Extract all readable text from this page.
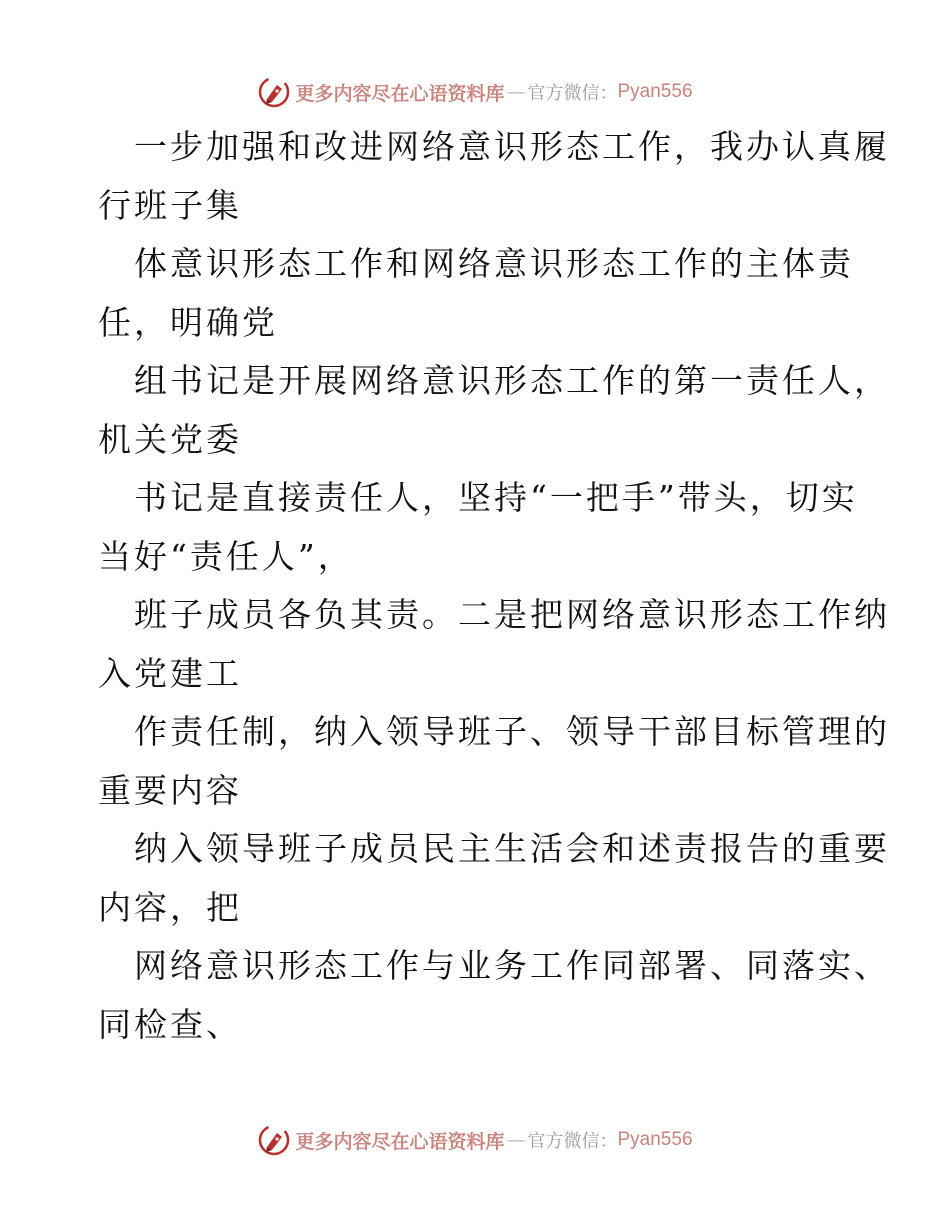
更多内容尽在心语资料库 — 官方微信： Pyan556
一步加强和改进网络意识形态工作，我办认真履
行班子集
体意识形态工作和网络意识形态工作的主体责
任，明确党
组书记是开展网络意识形态工作的第一责任人，
机关党委
书记是直接责任人，坚持“一把手”带头，切实
当好“责任人”，
班子成员各负其责。二是把网络意识形态工作纳
入党建工
作责任制，纳入领导班子、领导干部目标管理的
重要内容
纳入领导班子成员民主生活会和述责报告的重要
内容，把
网络意识形态工作与业务工作同部署、同落实、
同检查、
更多内容尽在心语资料库 — 官方微信： Pyan556
